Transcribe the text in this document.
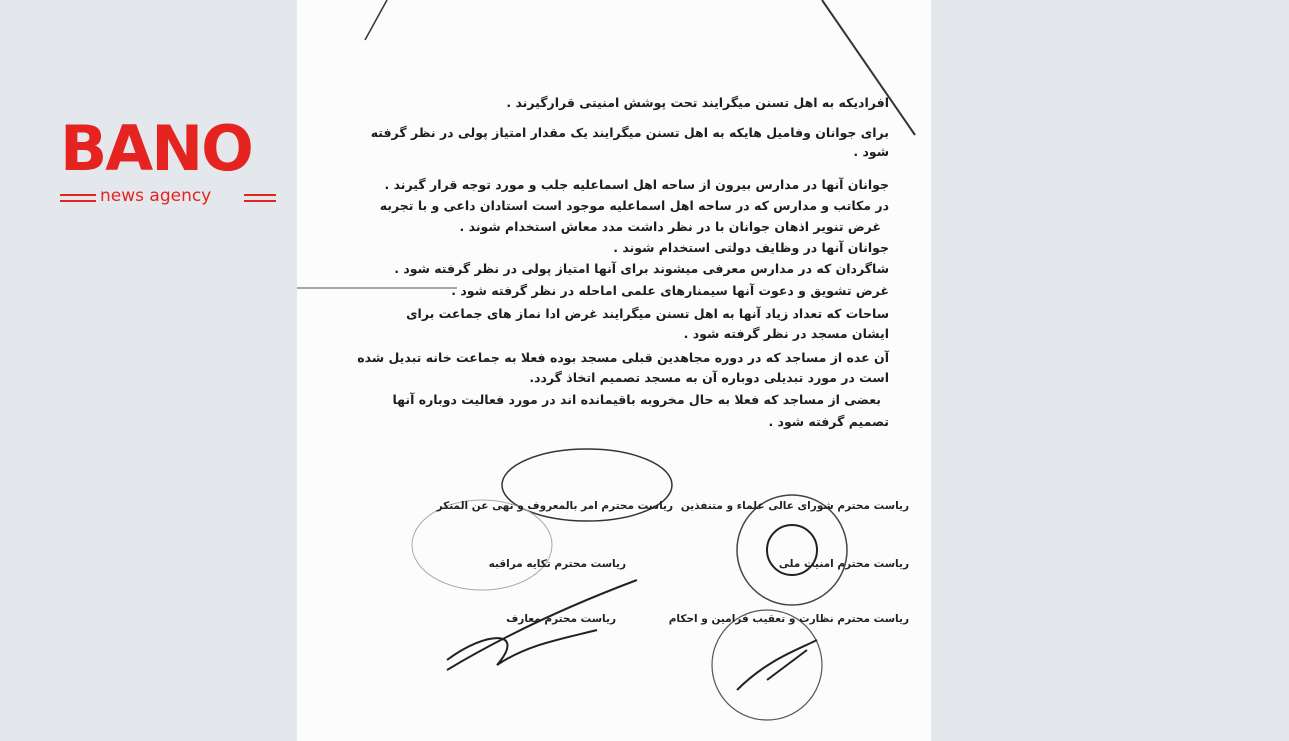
BANO
news agency
افرادیکه به اهل تسنن میگرایند تحت پوشش امنیتی قرارگیرند .
برای جوانان وفامیل هایکه به اهل تسنن میگرایند یک مقدار امتیاز پولی در نظر گرفته
شود .
جوانان آنها در مدارس بیرون از ساحه اهل اسماعلیه جلب و مورد توجه قرار گیرند .
در مکاتب و مدارس که در ساحه اهل اسماعلیه موجود است استادان داعی و با تجربه
غرض تنویر اذهان جوانان با در نظر داشت مدد معاش استخدام شوند .
جوانان آنها در وظایف دولتی استخدام شوند .
شاگردان که در مدارس معرفی میشوند برای آنها امتیاز پولی در نظر گرفته شود .
غرض تشویق و دعوت آنها سیمنارهای علمی اماحله در نظر گرفته شود .
ساحات که تعداد زیاد آنها به اهل تسنن میگرایند غرض ادا نماز های جماعت برای
ایشان مسجد در نظر گرفته شود .
آن عده از مساجد که در دوره مجاهدین قبلی مسجد بوده فعلا به جماعت خانه تبدیل شده
است در مورد تبدیلی دوباره آن به مسجد تصمیم اتخاذ گردد.
بعضی از مساجد که فعلا به حال مخروبه باقیمانده اند در مورد فعالیت دوباره آنها
تصمیم گرفته شود .
ریاست محترم شورای عالی علماء و متنفذین
ریاست محترم امر بالمعروف و نهی عن المنکر
ریاست محترم امنیت ملی
ریاست محترم تکایه مراقبه
ریاست محترم نظارت و تعقیب فرامین و احکام
ریاست محترم معارف
